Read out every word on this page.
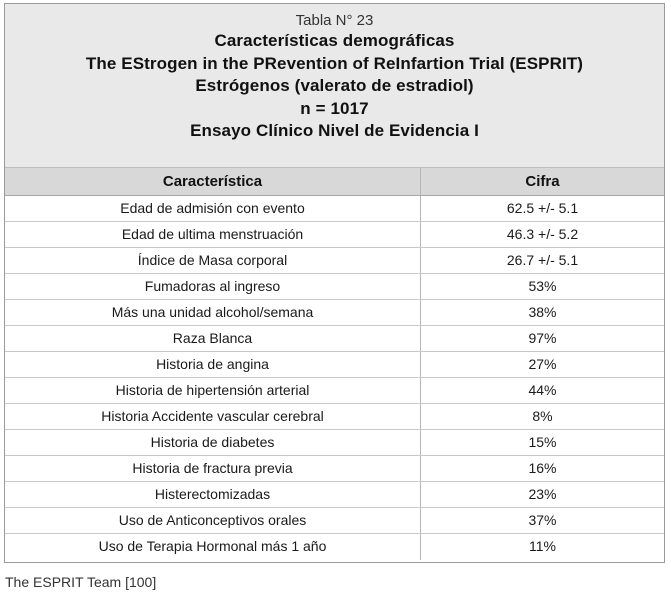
Tabla N° 23
Características demográficas
The EStrogen in the PRevention of ReInfartion Trial (ESPRIT)
Estrógenos (valerato de estradiol)
n = 1017
Ensayo Clínico Nivel de Evidencia I
Característica	Cifra
Edad de admisión con evento	62.5 +/- 5.1
Edad de ultima menstruación	46.3 +/- 5.2
Índice de Masa corporal	26.7 +/- 5.1
Fumadoras al ingreso	53%
Más una unidad alcohol/semana	38%
Raza Blanca	97%
Historia de angina	27%
Historia de hipertensión arterial	44%
Historia Accidente vascular cerebral	8%
Historia de diabetes	15%
Historia de fractura previa	16%
Histerectomizadas	23%
Uso de Anticonceptivos orales	37%
Uso de Terapia Hormonal más 1 año	11%
The ESPRIT Team [100]
